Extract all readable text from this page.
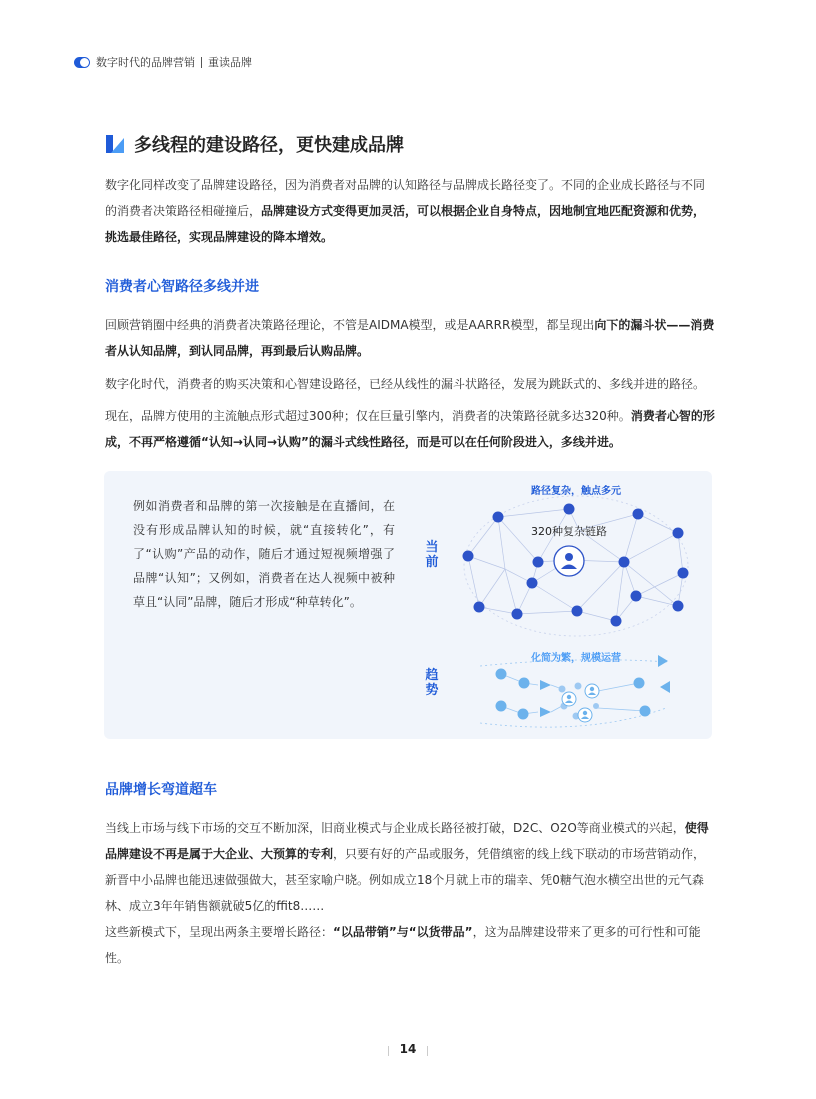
数字时代的品牌营销 重读品牌
多线程的建设路径，更快建成品牌

数字化同样改变了品牌建设路径，因为消费者对品牌的认知路径与品牌成长路径变了。不同的企业成长路径与不同的消费者决策路径相碰撞后，品牌建设方式变得更加灵活，可以根据企业自身特点，因地制宜地匹配资源和优势，挑选最佳路径，实现品牌建设的降本增效。

消费者心智路径多线并进

回顾营销圈中经典的消费者决策路径理论，不管是AIDMA模型，或是AARRR模型，都呈现出向下的漏斗状——消费者从认知品牌，到认同品牌，再到最后认购品牌。

数字化时代，消费者的购买决策和心智建设路径，已经从线性的漏斗状路径，发展为跳跃式的、多线并进的路径。

现在，品牌方使用的主流触点形式超过300种；仅在巨量引擎内，消费者的决策路径就多达320种。消费者心智的形成，不再严格遵循“认知→认同→认购”的漏斗式线性路径，而是可以在任何阶段进入，多线并进。

例如消费者和品牌的第一次接触是在直播间，在没有形成品牌认知的时候，就“直接转化”，有了“认购”产品的动作，随后才通过短视频增强了品牌“认知”；又例如，消费者在达人视频中被种草且“认同”品牌，随后才形成“种草转化”。

当前
趋势
路径复杂，触点多元
320种复杂链路
化简为繁，规模运营
品牌增长弯道超车

当线上市场与线下市场的交互不断加深，旧商业模式与企业成长路径被打破，D2C、O2O等商业模式的兴起，使得品牌建设不再是属于大企业、大预算的专利，只要有好的产品或服务，凭借缜密的线上线下联动的市场营销动作，新晋中小品牌也能迅速做强做大，甚至家喻户晓。例如成立18个月就上市的瑞幸、凭0糖气泡水横空出世的元气森林、成立3年年销售额就破5亿的ffit8……

这些新模式下，呈现出两条主要增长路径：“以品带销”与“以货带品”，这为品牌建设带来了更多的可行性和可能性。

14
